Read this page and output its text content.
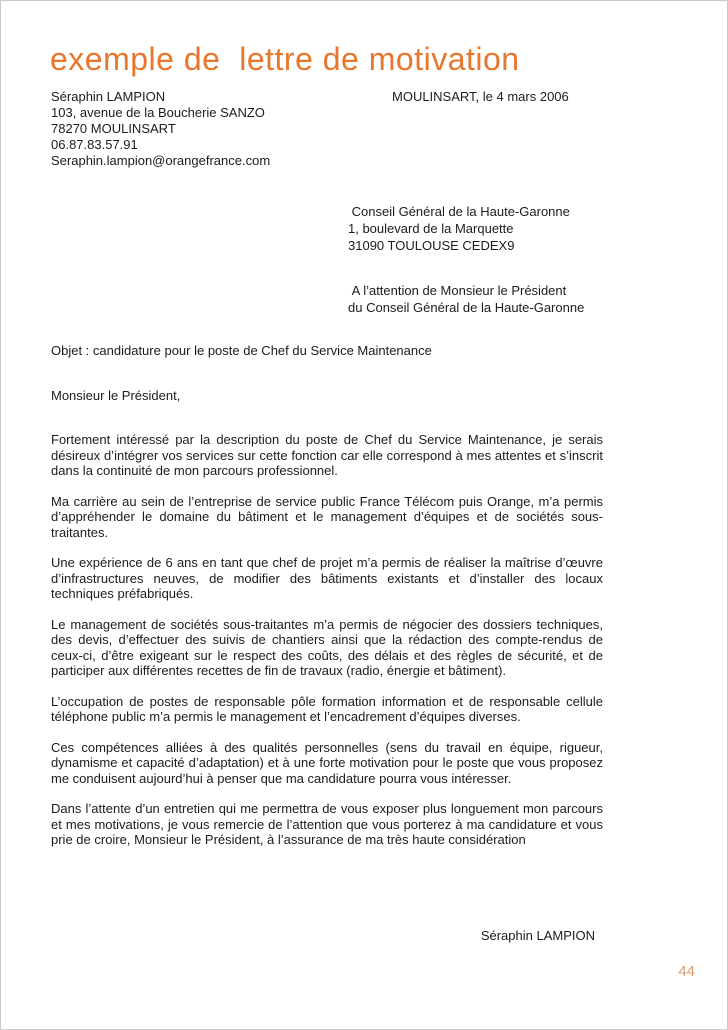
exemple de  lettre de motivation
Séraphin LAMPION
103, avenue de la Boucherie SANZO
78270 MOULINSART
06.87.83.57.91
Seraphin.lampion@orangefrance.com
MOULINSART, le 4 mars 2006
Conseil Général de la Haute-Garonne
1, boulevard de la Marquette
31090 TOULOUSE CEDEX9
A l’attention de Monsieur le Président
du Conseil Général de la Haute-Garonne
Objet : candidature pour le poste de Chef du Service Maintenance
Monsieur le Président,

Fortement intéressé par la description du poste de Chef du Service Maintenance, je serais désireux d’intégrer vos services sur cette fonction car elle correspond à mes attentes et s’inscrit dans la continuité de mon parcours professionnel.

Ma carrière au sein de l’entreprise de service public France Télécom puis Orange, m’a permis d’appréhender le domaine du bâtiment et le management d’équipes et de sociétés sous-traitantes.

Une expérience de 6 ans en tant que chef de projet m’a permis de réaliser la maîtrise d’œuvre d’infrastructures neuves, de modifier des bâtiments existants et d’installer des locaux techniques préfabriqués.

Le management de sociétés sous-traitantes m’a permis de négocier des dossiers techniques, des devis, d’effectuer des suivis de chantiers ainsi que la rédaction des compte-rendus de ceux-ci, d’être exigeant sur le respect des coûts, des délais et des règles de sécurité, et de participer aux différentes recettes de fin de travaux (radio, énergie et bâtiment).

L’occupation de postes de responsable pôle formation information et de responsable cellule téléphone public m’a permis le management et l’encadrement d’équipes diverses.

Ces compétences alliées à des qualités personnelles (sens du travail en équipe, rigueur, dynamisme et capacité d’adaptation) et à une forte motivation pour le poste que vous proposez me conduisent aujourd’hui à penser que ma candidature pourra vous intéresser.

Dans l’attente d’un entretien qui me permettra de vous exposer plus longuement mon parcours et mes motivations, je vous remercie de l’attention que vous porterez à ma candidature et vous prie de croire, Monsieur le Président, à l’assurance de ma très haute considération

Séraphin LAMPION
44
